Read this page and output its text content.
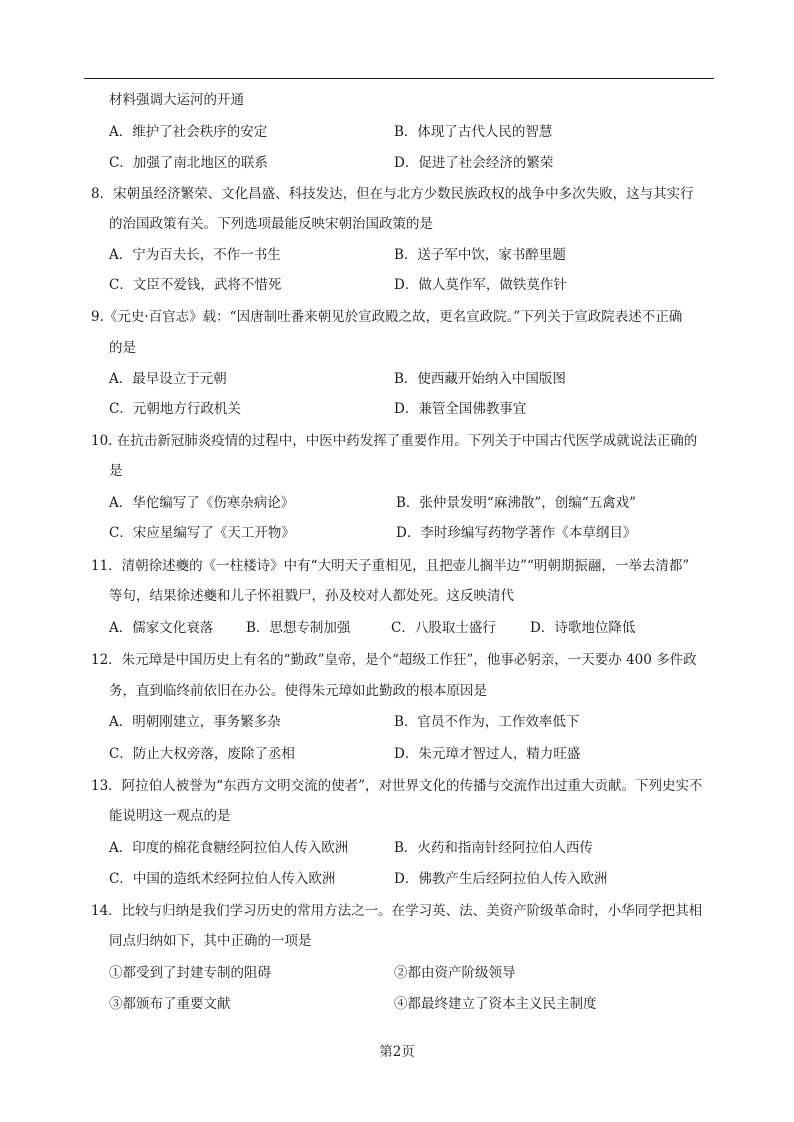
材料强调大运河的开通
A．维护了社会秩序的安定	B．体现了古代人民的智慧
C．加强了南北地区的联系	D．促进了社会经济的繁荣
8．宋朝虽经济繁荣、文化昌盛、科技发达，但在与北方少数民族政权的战争中多次失败，这与其实行
的治国政策有关。下列选项最能反映宋朝治国政策的是
A．宁为百夫长，不作一书生	B．送子军中饮，家书醉里题
C．文臣不爱钱，武将不惜死	D．做人莫作军，做铁莫作针
9.《元史·百官志》载：“因唐制吐番来朝见於宣政殿之故，更名宣政院。”下列关于宣政院表述不正确
的是
A．最早设立于元朝	B．使西藏开始纳入中国版图
C．元朝地方行政机关	D．兼管全国佛教事宜
10. 在抗击新冠肺炎疫情的过程中，中医中药发挥了重要作用。下列关于中国古代医学成就说法正确的
是
A．华佗编写了《伤寒杂病论》	B．张仲景发明“麻沸散”，创编“五禽戏”
C．宋应星编写了《天工开物》	D．李时珍编写药物学著作《本草纲目》
11．清朝徐述夔的《一柱楼诗》中有“大明天子重相见，且把壶儿搁半边”“明朝期振翮，一举去清都”
等句，结果徐述夔和儿子怀祖戮尸，孙及校对人都处死。这反映清代
A．儒家文化衰落 B．思想专制加强	C．八股取士盛行	D．诗歌地位降低
12．朱元璋是中国历史上有名的“勤政”皇帝，是个“超级工作狂”，他事必躬亲，一天要办 400 多件政
务，直到临终前依旧在办公。使得朱元璋如此勤政的根本原因是
A．明朝刚建立，事务繁多杂	B．官员不作为，工作效率低下
C．防止大权旁落，废除了丞相	D．朱元璋才智过人，精力旺盛
13．阿拉伯人被誉为“东西方文明交流的使者”，对世界文化的传播与交流作出过重大贡献。下列史实不
能说明这一观点的是
A．印度的棉花食糖经阿拉伯人传入欧洲	B．火药和指南针经阿拉伯人西传
C．中国的造纸术经阿拉伯人传入欧洲	D．佛教产生后经阿拉伯人传入欧洲
14．比较与归纳是我们学习历史的常用方法之一。在学习英、法、美资产阶级革命时，小华同学把其相
同点归纳如下，其中正确的一项是
①都受到了封建专制的阻碍	②都由资产阶级领导
③都颁布了重要文献	④都最终建立了资本主义民主制度
第2页
